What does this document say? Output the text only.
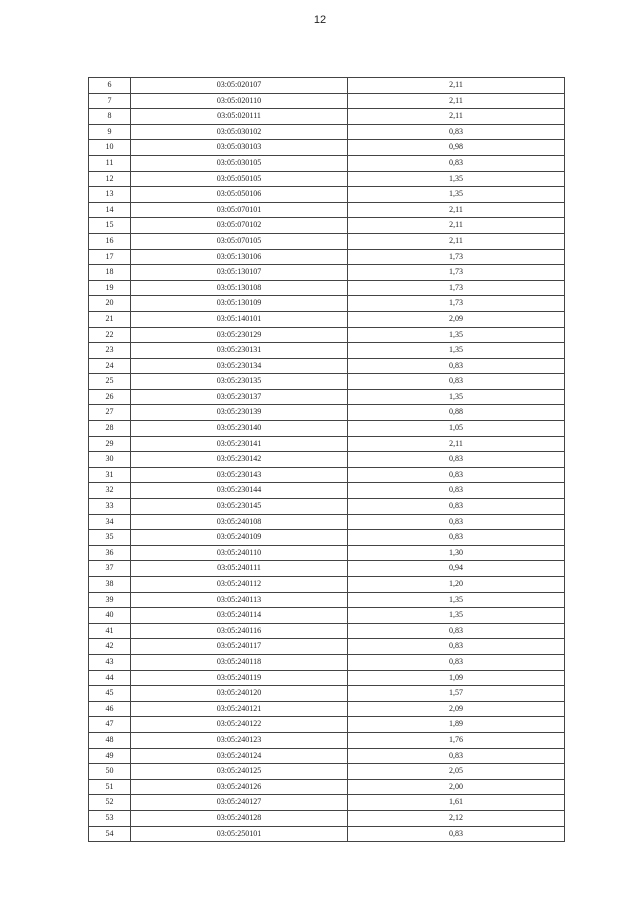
12
6	03:05:020107	2,11
7	03:05:020110	2,11
8	03:05:020111	2,11
9	03:05:030102	0,83
10	03:05:030103	0,98
11	03:05:030105	0,83
12	03:05:050105	1,35
13	03:05:050106	1,35
14	03:05:070101	2,11
15	03:05:070102	2,11
16	03:05:070105	2,11
17	03:05:130106	1,73
18	03:05:130107	1,73
19	03:05:130108	1,73
20	03:05:130109	1,73
21	03:05:140101	2,09
22	03:05:230129	1,35
23	03:05:230131	1,35
24	03:05:230134	0,83
25	03:05:230135	0,83
26	03:05:230137	1,35
27	03:05:230139	0,88
28	03:05:230140	1,05
29	03:05:230141	2,11
30	03:05:230142	0,83
31	03:05:230143	0,83
32	03:05:230144	0,83
33	03:05:230145	0,83
34	03:05:240108	0,83
35	03:05:240109	0,83
36	03:05:240110	1,30
37	03:05:240111	0,94
38	03:05:240112	1,20
39	03:05:240113	1,35
40	03:05:240114	1,35
41	03:05:240116	0,83
42	03:05:240117	0,83
43	03:05:240118	0,83
44	03:05:240119	1,09
45	03:05:240120	1,57
46	03:05:240121	2,09
47	03:05:240122	1,89
48	03:05:240123	1,76
49	03:05:240124	0,83
50	03:05:240125	2,05
51	03:05:240126	2,00
52	03:05:240127	1,61
53	03:05:240128	2,12
54	03:05:250101	0,83
